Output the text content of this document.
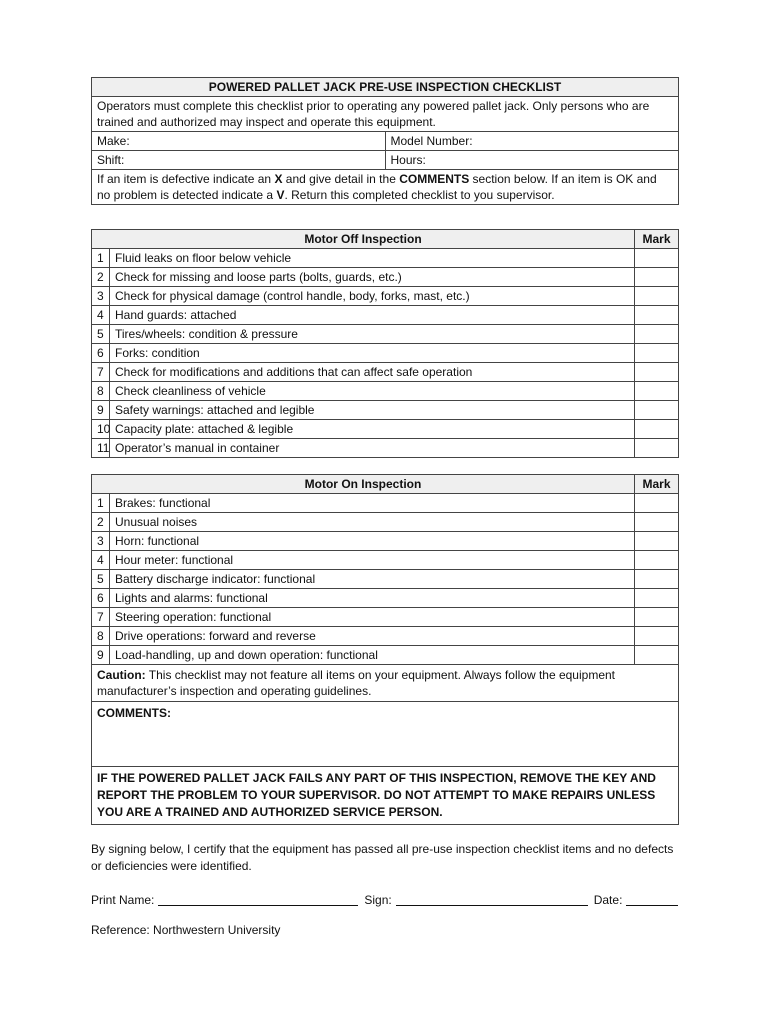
POWERED PALLET JACK PRE-USE INSPECTION CHECKLIST	
Operators must complete this checklist prior to operating any powered pallet jack. Only persons who are trained and authorized may inspect and operate this equipment.	
Make:	Model Number:
Shift:	Hours:
If an item is defective indicate an X and give detail in the COMMENTS section below. If an item is OK and no problem is detected indicate a V. Return this completed checklist to you supervisor.	
Motor Off Inspection		Mark
1	Fluid leaks on floor below vehicle	
2	Check for missing and loose parts (bolts, guards, etc.)	
3	Check for physical damage (control handle, body, forks, mast, etc.)	
4	Hand guards: attached	
5	Tires/wheels: condition & pressure	
6	Forks: condition	
7	Check for modifications and additions that can affect safe operation	
8	Check cleanliness of vehicle	
9	Safety warnings: attached and legible	
10	Capacity plate: attached & legible	
11	Operator’s manual in container	
Motor On Inspection		Mark
1	Brakes: functional	
2	Unusual noises	
3	Horn: functional	
4	Hour meter: functional	
5	Battery discharge indicator: functional	
6	Lights and alarms: functional	
7	Steering operation: functional	
8	Drive operations: forward and reverse	
9	Load-handling, up and down operation: functional	
Caution: This checklist may not feature all items on your equipment. Always follow the equipment manufacturer’s inspection and operating guidelines.		
COMMENTS:		
IF THE POWERED PALLET JACK FAILS ANY PART OF THIS INSPECTION, REMOVE THE KEY AND REPORT THE PROBLEM TO YOUR SUPERVISOR. DO NOT ATTEMPT TO MAKE REPAIRS UNLESS YOU ARE A TRAINED AND AUTHORIZED SERVICE PERSON.		
By signing below, I certify that the equipment has passed all pre-use inspection checklist items and no defects or deficiencies were identified.
Print Name:	Sign:	Date:
Reference: Northwestern University
